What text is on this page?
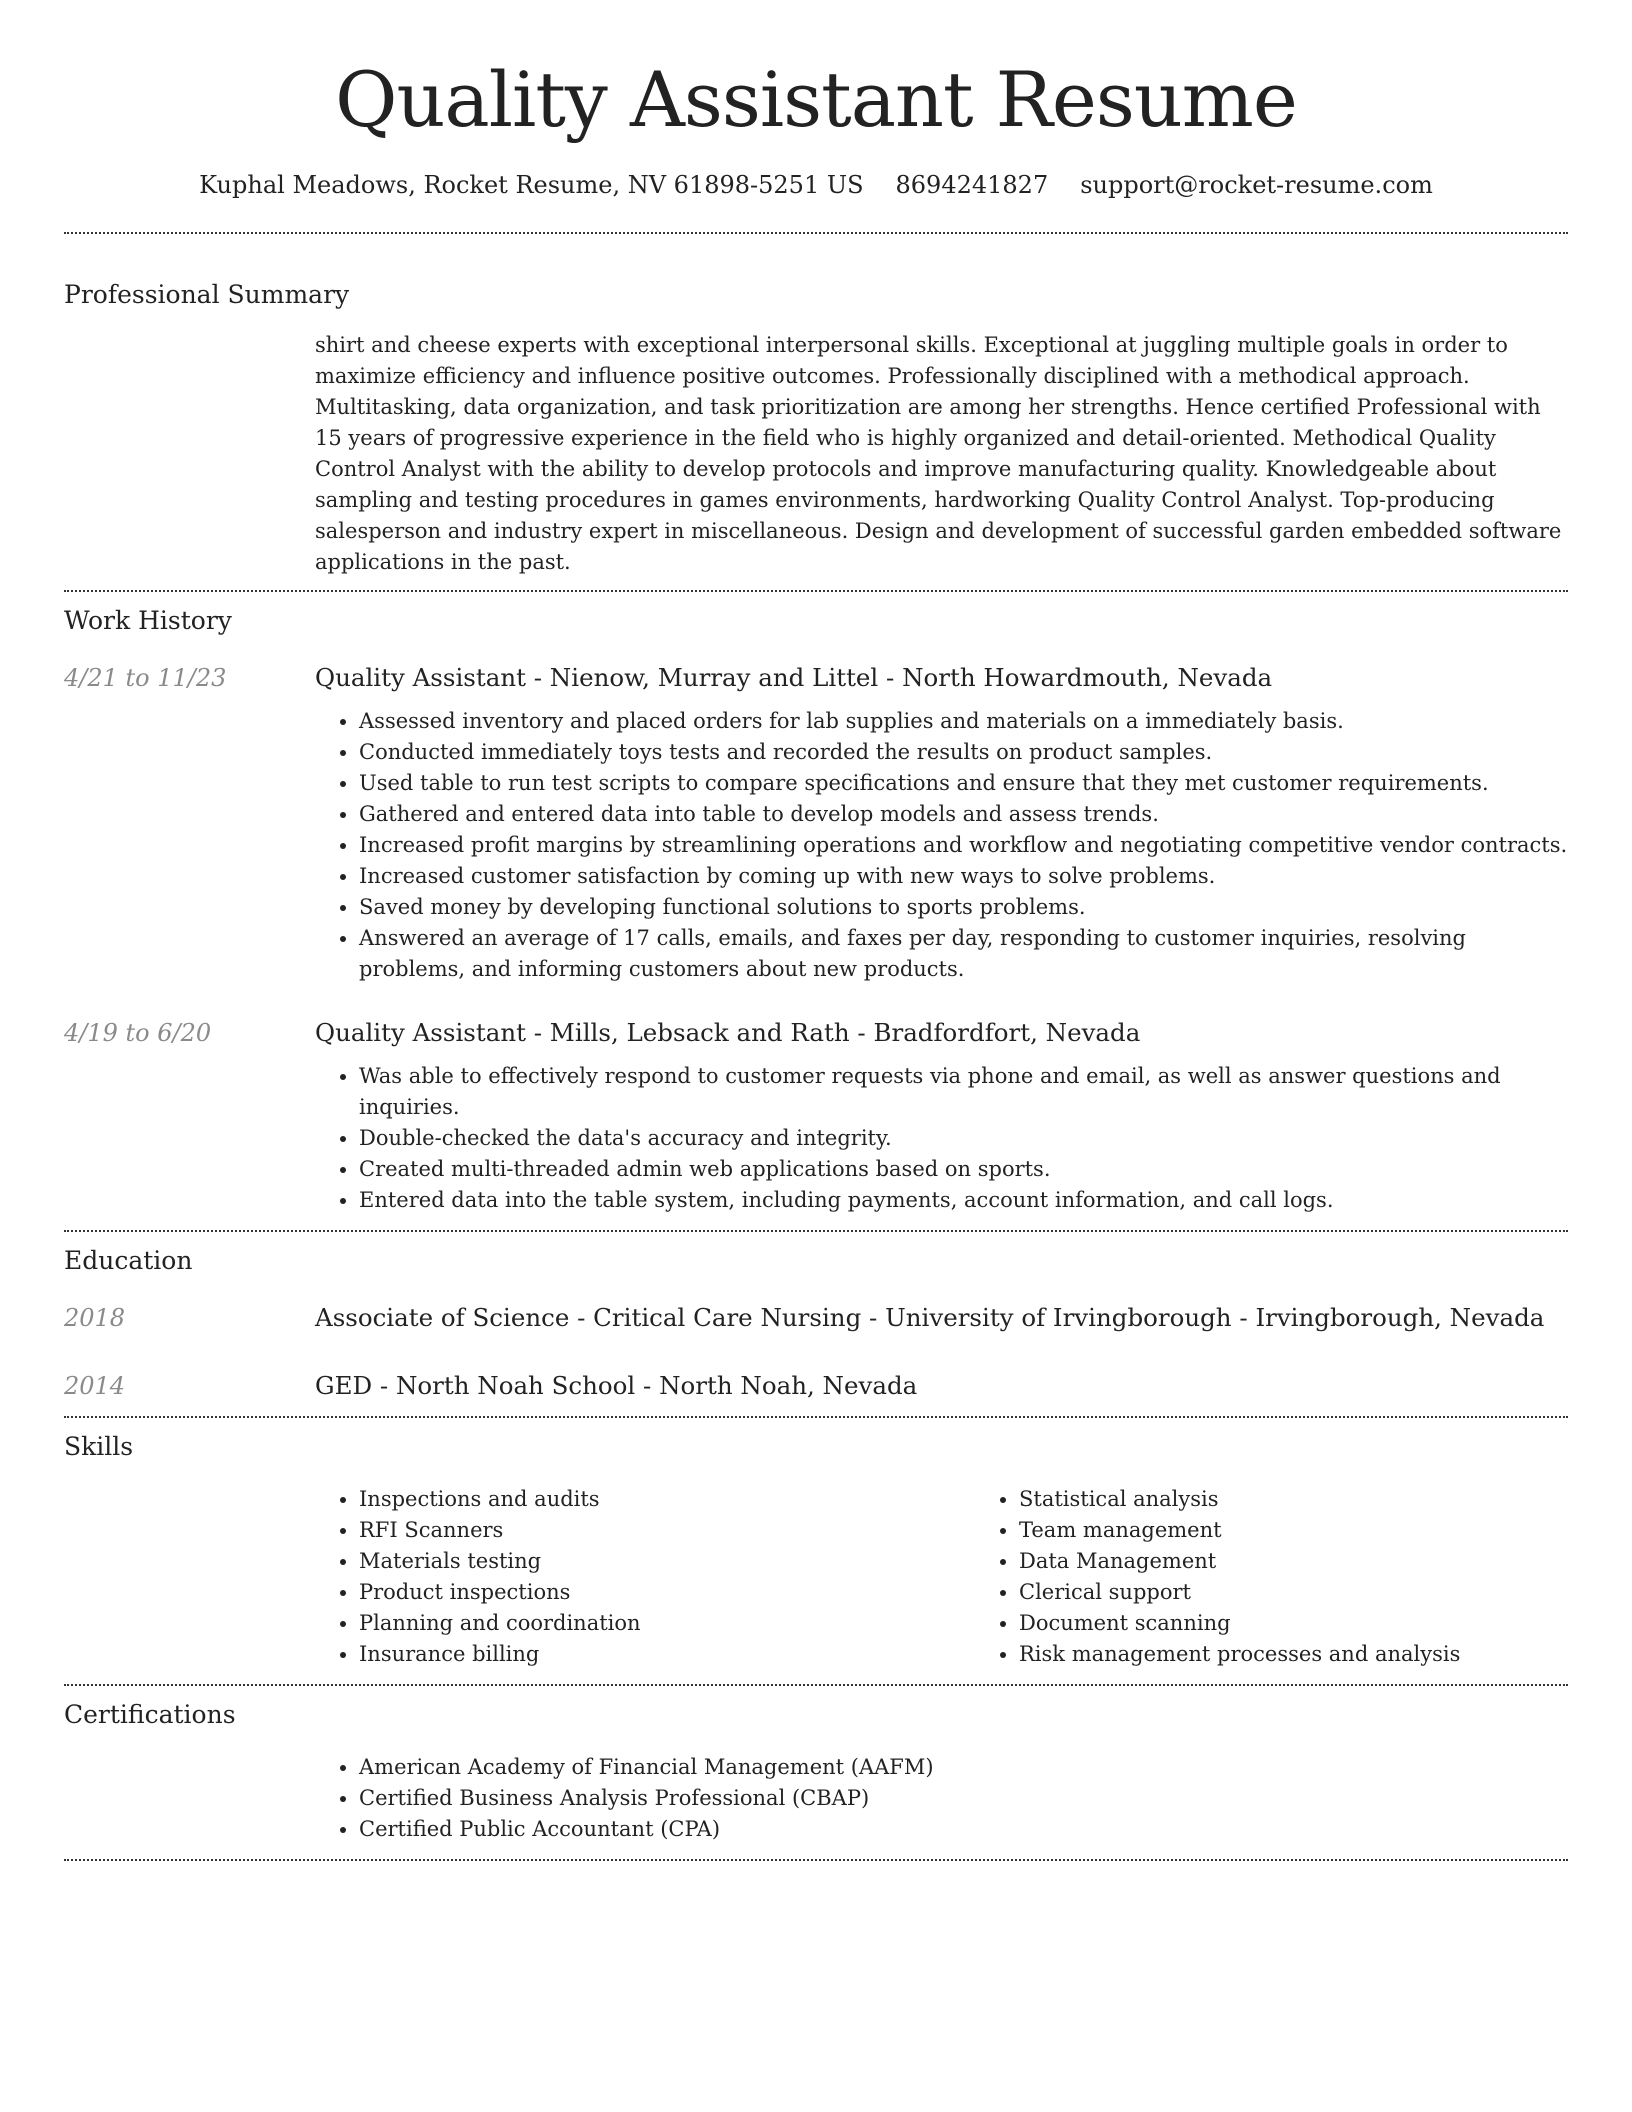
Quality Assistant Resume
Kuphal Meadows, Rocket Resume, NV 61898-5251 US 8694241827 support@rocket-resume.com
Professional Summary

shirt and cheese experts with exceptional interpersonal skills. Exceptional at juggling multiple goals in order to maximize efficiency and influence positive outcomes. Professionally disciplined with a methodical approach. Multitasking, data organization, and task prioritization are among her strengths. Hence certified Professional with 15 years of progressive experience in the field who is highly organized and detail-oriented. Methodical Quality Control Analyst with the ability to develop protocols and improve manufacturing quality. Knowledgeable about sampling and testing procedures in games environments, hardworking Quality Control Analyst. Top-producing salesperson and industry expert in miscellaneous. Design and development of successful garden embedded software applications in the past.

Work History
4/21 to 11/23	Quality Assistant - Nienow, Murray and Littel - North Howardmouth, Nevada

• Assessed inventory and placed orders for lab supplies and materials on a immediately basis.
• Conducted immediately toys tests and recorded the results on product samples.
• Used table to run test scripts to compare specifications and ensure that they met customer requirements.
• Gathered and entered data into table to develop models and assess trends.
• Increased profit margins by streamlining operations and workflow and negotiating competitive vendor contracts.
• Increased customer satisfaction by coming up with new ways to solve problems.
• Saved money by developing functional solutions to sports problems.
• Answered an average of 17 calls, emails, and faxes per day, responding to customer inquiries, resolving problems, and informing customers about new products.
4/19 to 6/20	Quality Assistant - Mills, Lebsack and Rath - Bradfordfort, Nevada

• Was able to effectively respond to customer requests via phone and email, as well as answer questions and inquiries.
• Double-checked the data's accuracy and integrity.
• Created multi-threaded admin web applications based on sports.
• Entered data into the table system, including payments, account information, and call logs.
Education
2018	Associate of Science - Critical Care Nursing - University of Irvingborough - Irvingborough, Nevada

2014	GED - North Noah School - North Noah, Nevada

Skills
• Inspections and audits
• RFI Scanners
• Materials testing
• Product inspections
• Planning and coordination
• Insurance billing
• Statistical analysis
• Team management
• Data Management
• Clerical support
• Document scanning
• Risk management processes and analysis
Certifications
• American Academy of Financial Management (AAFM)
• Certified Business Analysis Professional (CBAP)
• Certified Public Accountant (CPA)
